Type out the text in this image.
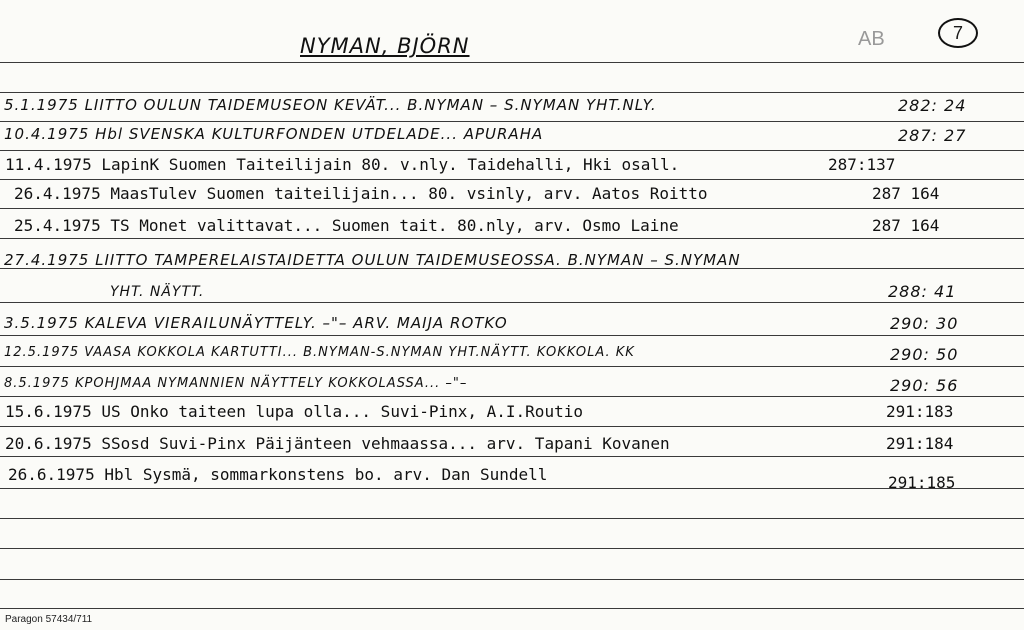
NYMAN, BJÖRN	AB	7
5.1.1975 LIITTO OULUN TAIDEMUSEON KEVÄT... B.NYMAN – S.NYMAN YHT.NLY.	282: 24
10.4.1975 Hbl SVENSKA KULTURFONDEN UTDELADE... APURAHA	287: 27
11.4.1975 LapinK Suomen Taiteilijain 80. v.nly. Taidehalli, Hki osall.	287:137
26.4.1975 MaasTulev Suomen taiteilijain... 80. vsinly, arv. Aatos Roitto	287 164
25.4.1975 TS Monet valittavat... Suomen tait. 80.nly, arv. Osmo Laine	287 164
27.4.1975 LIITTO TAMPERELAISTAIDETTA OULUN TAIDEMUSEOSSA. B.NYMAN – S.NYMAN
YHT. NÄYTT.	288: 41
3.5.1975 KALEVA VIERAILUNÄYTTELY. –"– ARV. MAIJA ROTKO	290: 30
12.5.1975 VAASA KOKKOLA KARTUTTI... B.NYMAN-S.NYMAN YHT.NÄYTT. KOKKOLA. KK	290: 50
8.5.1975 KPOHJMAA NYMANNIEN NÄYTTELY KOKKOLASSA... –"–	290: 56
15.6.1975 US Onko taiteen lupa olla... Suvi-Pinx, A.I.Routio	291:183
20.6.1975 SSosd Suvi-Pinx Päijänteen vehmaassa... arv. Tapani Kovanen	291:184
26.6.1975 Hbl Sysmä, sommarkonstens bo. arv. Dan Sundell	291:185
Paragon 57434/711
